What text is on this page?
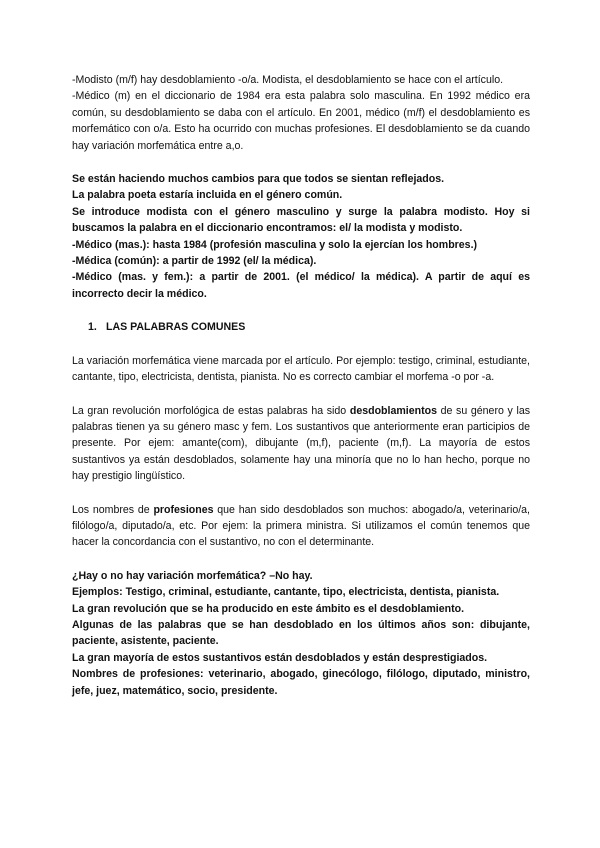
-Modisto (m/f) hay desdoblamiento -o/a. Modista, el desdoblamiento se hace con el artículo.

-Médico (m) en el diccionario de 1984 era esta palabra solo masculina. En 1992 médico era común, su desdoblamiento se daba con el artículo. En 2001, médico (m/f) el desdoblamiento es morfemático con o/a. Esto ha ocurrido con muchas profesiones. El desdoblamiento se da cuando hay variación morfemática entre a,o.

Se están haciendo muchos cambios para que todos se sientan reflejados.

La palabra poeta estaría incluida en el género común.

Se introduce modista con el género masculino y surge la palabra modisto. Hoy si buscamos la palabra en el diccionario encontramos: el/ la modista y modisto.

-Médico (mas.): hasta 1984 (profesión masculina y solo la ejercían los hombres.)

-Médica (común): a partir de 1992 (el/ la médica).

-Médico (mas. y fem.): a partir de 2001. (el médico/ la médica). A partir de aquí es incorrecto decir la médico.

1. LAS PALABRAS COMUNES

La variación morfemática viene marcada por el artículo. Por ejemplo: testigo, criminal, estudiante, cantante, tipo, electricista, dentista, pianista. No es correcto cambiar el morfema -o por -a.

La gran revolución morfológica de estas palabras ha sido desdoblamientos de su género y las palabras tienen ya su género masc y fem. Los sustantivos que anteriormente eran participios de presente. Por ejem: amante(com), dibujante (m,f), paciente (m,f). La mayoría de estos sustantivos ya están desdoblados, solamente hay una minoría que no lo han hecho, porque no hay prestigio lingüístico.

Los nombres de profesiones que han sido desdoblados son muchos: abogado/a, veterinario/a, filólogo/a, diputado/a, etc. Por ejem: la primera ministra. Si utilizamos el común tenemos que hacer la concordancia con el sustantivo, no con el determinante.

¿Hay o no hay variación morfemática? –No hay.

Ejemplos: Testigo, criminal, estudiante, cantante, tipo, electricista, dentista, pianista.

La gran revolución que se ha producido en este ámbito es el desdoblamiento.

Algunas de las palabras que se han desdoblado en los últimos años son: dibujante, paciente, asistente, paciente.

La gran mayoría de estos sustantivos están desdoblados y están desprestigiados.

Nombres de profesiones: veterinario, abogado, ginecólogo, filólogo, diputado, ministro, jefe, juez, matemático, socio, presidente.
